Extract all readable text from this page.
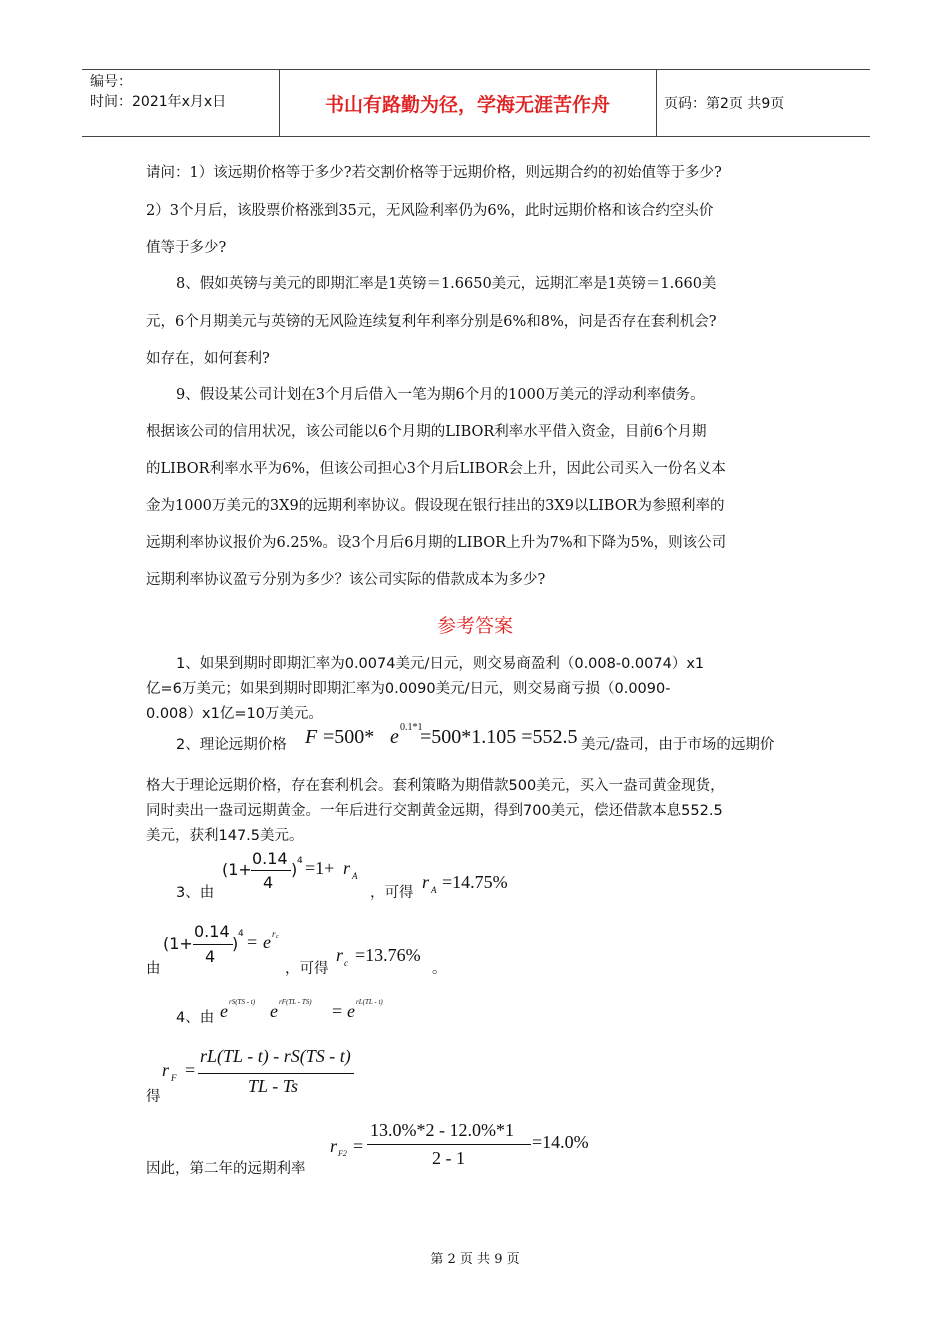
编号：
时间：2021年x月x日	书山有路勤为径，学海无涯苦作舟	页码：第2页 共9页
请问：1）该远期价格等于多少?若交割价格等于远期价格，则远期合约的初始值等于多少?
2）3个月后，该股票价格涨到35元，无风险利率仍为6%，此时远期价格和该合约空头价
值等于多少?
8、假如英镑与美元的即期汇率是1英镑＝1.6650美元，远期汇率是1英镑＝1.660美
元，6个月期美元与英镑的无风险连续复利年利率分别是6%和8%，问是否存在套利机会?
如存在，如何套利?
9、假设某公司计划在3个月后借入一笔为期6个月的1000万美元的浮动利率债务。
根据该公司的信用状况，该公司能以6个月期的LIBOR利率水平借入资金，目前6个月期
的LIBOR利率水平为6%，但该公司担心3个月后LIBOR会上升，因此公司买入一份名义本
金为1000万美元的3X9的远期利率协议。假设现在银行挂出的3X9以LIBOR为参照利率的
远期利率协议报价为6.25%。设3个月后6月期的LIBOR上升为7%和下降为5%，则该公司
远期利率协议盈亏分别为多少？该公司实际的借款成本为多少?
参考答案
1、如果到期时即期汇率为0.0074美元/日元，则交易商盈利（0.008-0.0074）x1
亿=6万美元；如果到期时即期汇率为0.0090美元/日元，则交易商亏损（0.0090-
0.008）x1亿=10万美元。
2、理论远期价格 F =500* e 0.1*1
=500*1.105 =552.5 美元/盎司，由于市场的远期价
格大于理论远期价格，存在套利机会。套利策略为期借款500美元，买入一盎司黄金现货，
同时卖出一盎司远期黄金。一年后进行交割黄金远期，得到700美元，偿还借款本息552.5
美元，获利147.5美元。
3、由
(1+
0.14
4
) 4 =1+ r A
，可得
r A =14.75%
由
(1+
0.14
4
) 4 = e r c
，可得
r c =13.76%
。
4、由 e rS(TS - t) e rF(TL - TS) = e rL(TL - t)
r F =
rL(TL - t) - rS(TS - t)
TL - Ts
得
因此，第二年的远期利率
r F2 =
13.0%*2 - 12.0%*1
2 - 1
=14.0%
第 2 页 共 9 页
